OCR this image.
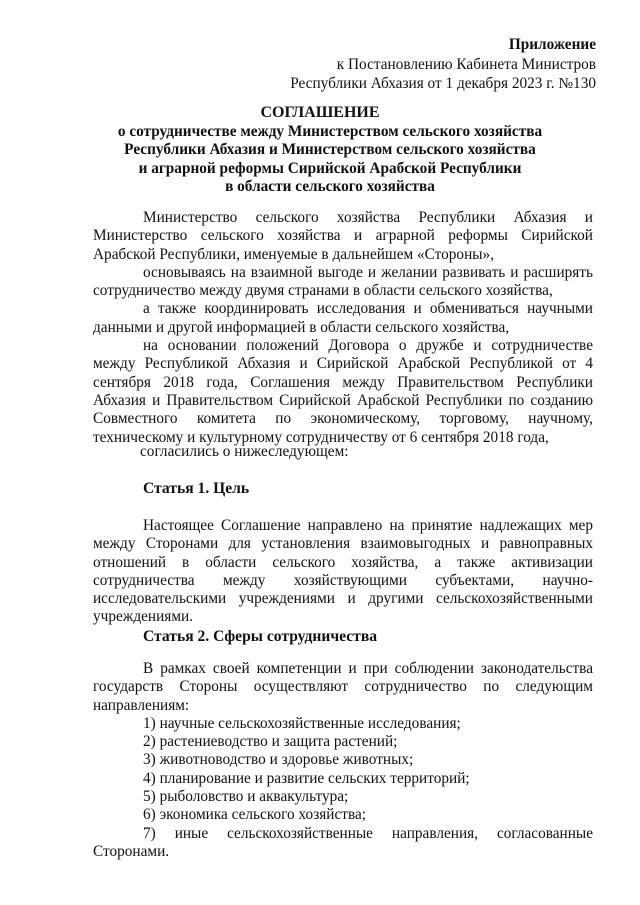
Приложение
к Постановлению Кабинета Министров
Республики Абхазия от 1 декабря 2023 г. №130
СОГЛАШЕНИЕ
о сотрудничестве между Министерством сельского хозяйства
Республики Абхазия и Министерством сельского хозяйства
и аграрной реформы Сирийской Арабской Республики
в области сельского хозяйства

Министерство сельского хозяйства Республики Абхазия и Министерство сельского хозяйства и аграрной реформы Сирийской Арабской Республики, именуемые в дальнейшем «Стороны»,

основываясь на взаимной выгоде и желании развивать и расширять сотрудничество между двумя странами в области сельского хозяйства,

а также координировать исследования и обмениваться научными данными и другой информацией в области сельского хозяйства,

на основании положений Договора о дружбе и сотрудничестве между Республикой Абхазия и Сирийской Арабской Республикой от 4 сентября 2018 года, Соглашения между Правительством Республики Абхазия и Правительством Сирийской Арабской Республики по созданию Совместного комитета по экономическому, торговому, научному, техническому и культурному сотрудничеству от 6 сентября 2018 года,

согласились о нижеследующем:
Статья 1. Цель

Настоящее Соглашение направлено на принятие надлежащих мер между Сторонами для установления взаимовыгодных и равноправных отношений в области сельского хозяйства, а также активизации сотрудничества между хозяйствующими субъектами, научно-исследовательскими учреждениями и другими сельскохозяйственными учреждениями.

Статья 2. Сферы сотрудничества

В рамках своей компетенции и при соблюдении законодательства государств Стороны осуществляют сотрудничество по следующим направлениям:

1) научные сельскохозяйственные исследования;

2) растениеводство и защита растений;

3) животноводство и здоровье животных;

4) планирование и развитие сельских территорий;

5) рыболовство и аквакультура;

6) экономика сельского хозяйства;

7) иные сельскохозяйственные направления, согласованные

Сторонами.
